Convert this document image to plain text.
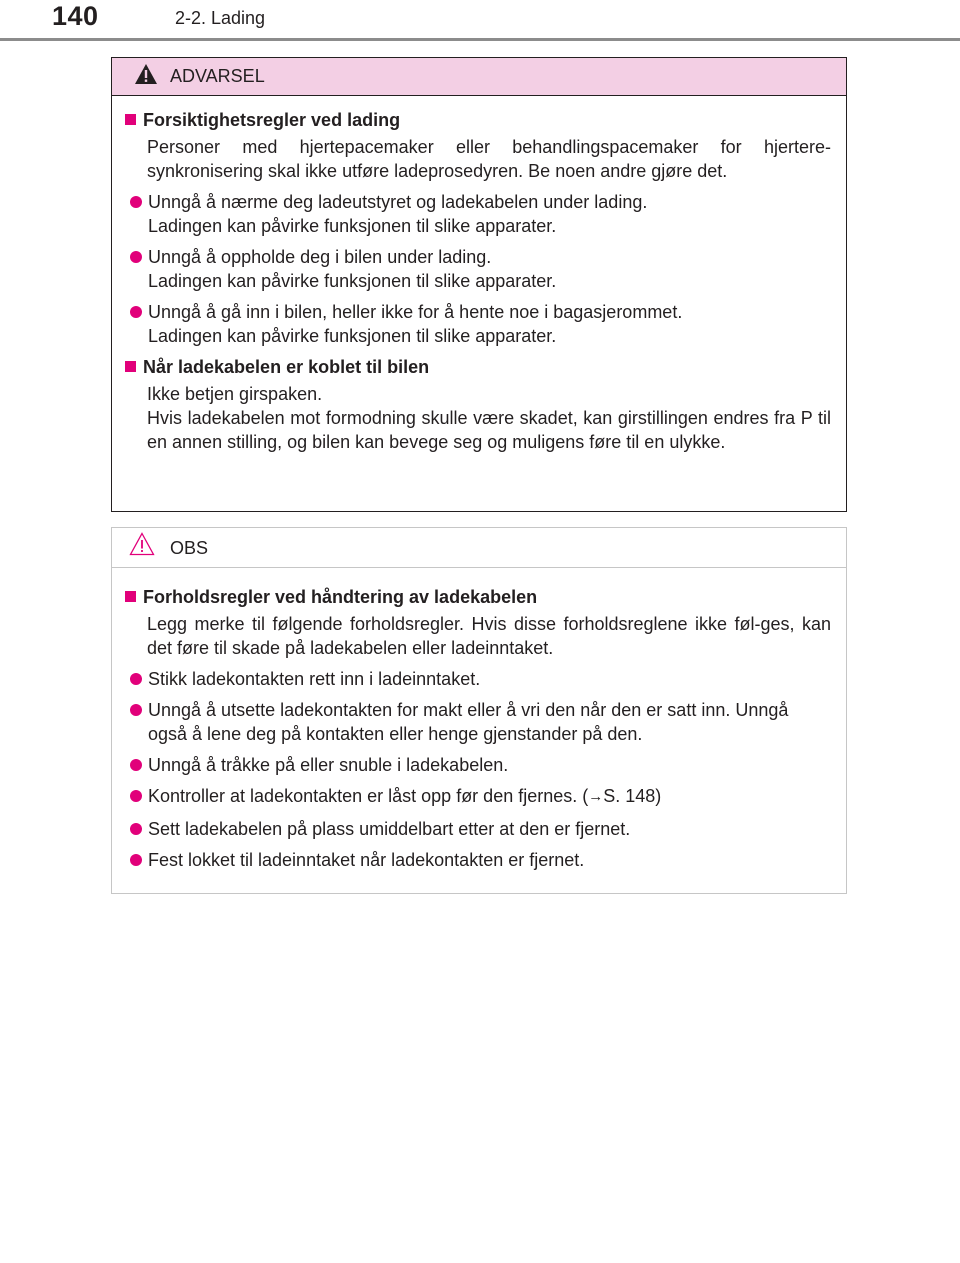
140	2-2. Lading
ADVARSEL
Forsiktighetsregler ved lading

Personer med hjertepacemaker eller behandlingspacemaker for hjertere-synkronisering skal ikke utføre ladeprosedyren. Be noen andre gjøre det.

Unngå å nærme deg ladeutstyret og ladekabelen under lading.
Ladingen kan påvirke funksjonen til slike apparater.
Unngå å oppholde deg i bilen under lading.
Ladingen kan påvirke funksjonen til slike apparater.
Unngå å gå inn i bilen, heller ikke for å hente noe i bagasjerommet.
Ladingen kan påvirke funksjonen til slike apparater.
Når ladekabelen er koblet til bilen

Ikke betjen girspaken.
Hvis ladekabelen mot formodning skulle være skadet, kan girstillingen endres fra P til en annen stilling, og bilen kan bevege seg og muligens føre til en ulykke.

OBS
Forholdsregler ved håndtering av ladekabelen

Legg merke til følgende forholdsregler. Hvis disse forholdsreglene ikke føl-ges, kan det føre til skade på ladekabelen eller ladeinntaket.

Stikk ladekontakten rett inn i ladeinntaket.
Unngå å utsette ladekontakten for makt eller å vri den når den er satt inn. Unngå også å lene deg på kontakten eller henge gjenstander på den.
Unngå å tråkke på eller snuble i ladekabelen.
Kontroller at ladekontakten er låst opp før den fjernes. (→S. 148)
Sett ladekabelen på plass umiddelbart etter at den er fjernet.
Fest lokket til ladeinntaket når ladekontakten er fjernet.
